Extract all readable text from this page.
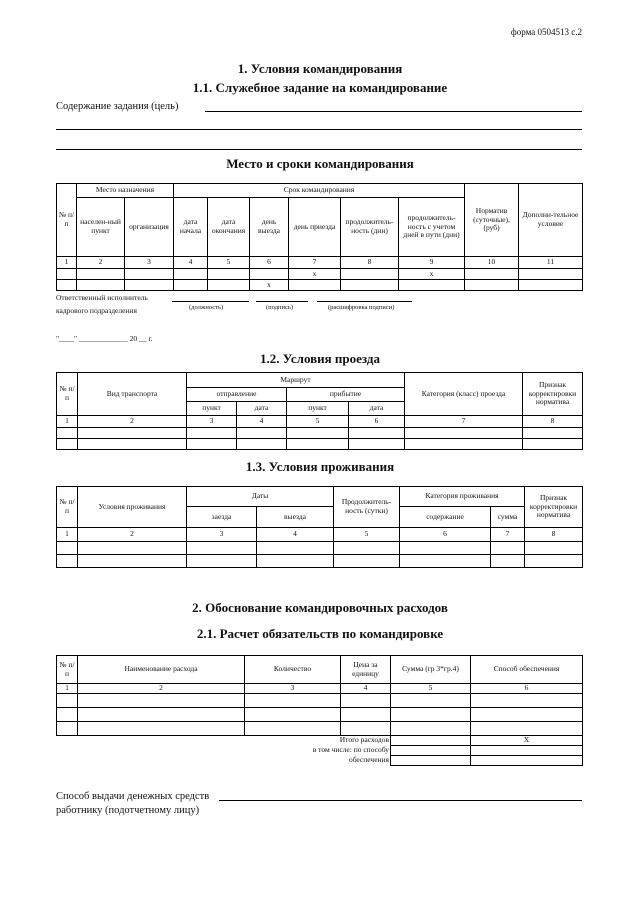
форма 0504513 с.2
1. Условия командирования
1.1. Служебное задание на командирование
Содержание задания (цель)
Место и сроки командирования
№ п/п	Место назначения		Срок командирования						Норматив (суточные), (руб)	Дополни-тельное условие
	населен-ный пункт	организация	дата начала	дата окончания	день выезда	день приезда	продолжитель-ность (дни)	продолжитель-ность с учетом дней в пути (дни)		
1	2	3	4	5	6	7	8	9	10	11
						x		x		
					x					
Ответственный исполнитель
кадрового подразделения	(должность)	(подпись)	(расшифровка подписи)
"____" _____________ 20 __ г.
1.2. Условия проезда
№ п/п	Вид транспорта	Маршрут				Категория (класс) проезда	Признак корректировки норматива
		отправление		прибытие			
		пункт	дата	пункт	дата		
1	2	3	4	5	6	7	8

1.3. Условия проживания
№ п/п	Условия проживания	Даты		Продолжитель-ность (сутки)	Категория проживания		Признак корректировки норматива
		заезда	выезда		содержание	сумма	
1	2	3	4	5	6	7	8

2. Обоснование командировочных расходов
2.1. Расчет обязательств по командировке
№ п/п	Наименование расхода	Количество	Цена за единицу	Сумма (гр 3*гр.4)	Способ обеспечения
1	2	3	4	5	6

Итого расходов					X
в том числе: по способу					
обеспечения					
Способ выдачи денежных средств
работнику (подотчетному лицу)
